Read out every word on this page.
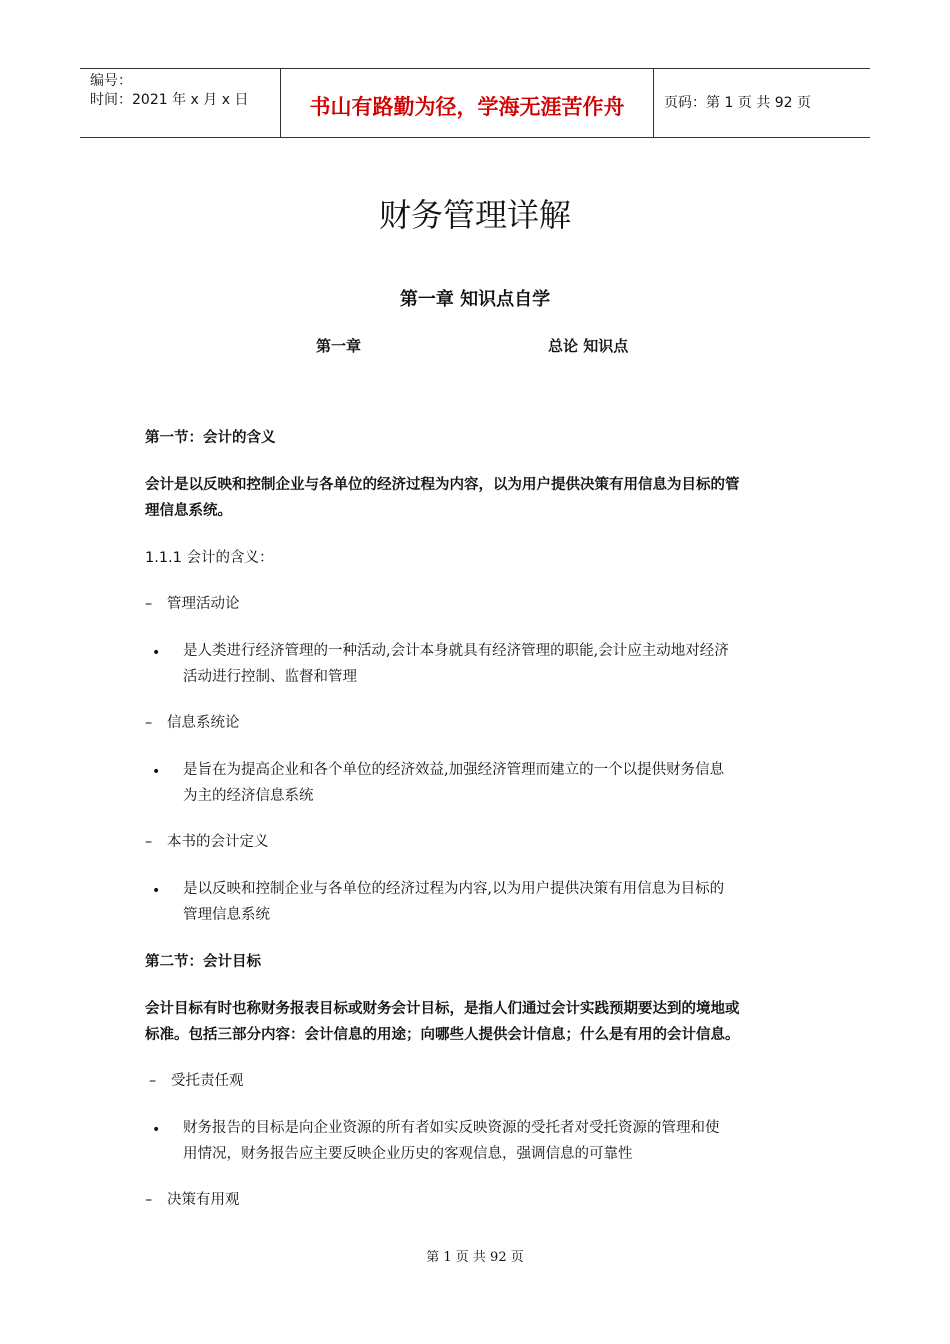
编号：
时间：2021 年 x 月 x 日	书山有路勤为径，学海无涯苦作舟	页码：第 1 页 共 92 页
财务管理详解
第一章 知识点自学
第一章	总论 知识点
第一节：会计的含义
会计是以反映和控制企业与各单位的经济过程为内容，以为用户提供决策有用信息为目标的管
理信息系统。
1.1.1 会计的含义：
– 管理活动论
• 是人类进行经济管理的一种活动,会计本身就具有经济管理的职能,会计应主动地对经济
活动进行控制、监督和管理
– 信息系统论
• 是旨在为提高企业和各个单位的经济效益,加强经济管理而建立的一个以提供财务信息
为主的经济信息系统
– 本书的会计定义
• 是以反映和控制企业与各单位的经济过程为内容,以为用户提供决策有用信息为目标的
管理信息系统
第二节：会计目标
会计目标有时也称财务报表目标或财务会计目标，是指人们通过会计实践预期要达到的境地或
标准。包括三部分内容：会计信息的用途；向哪些人提供会计信息；什么是有用的会计信息。
– 受托责任观
• 财务报告的目标是向企业资源的所有者如实反映资源的受托者对受托资源的管理和使
用情况，财务报告应主要反映企业历史的客观信息，强调信息的可靠性
– 决策有用观
第 1 页 共 92 页
